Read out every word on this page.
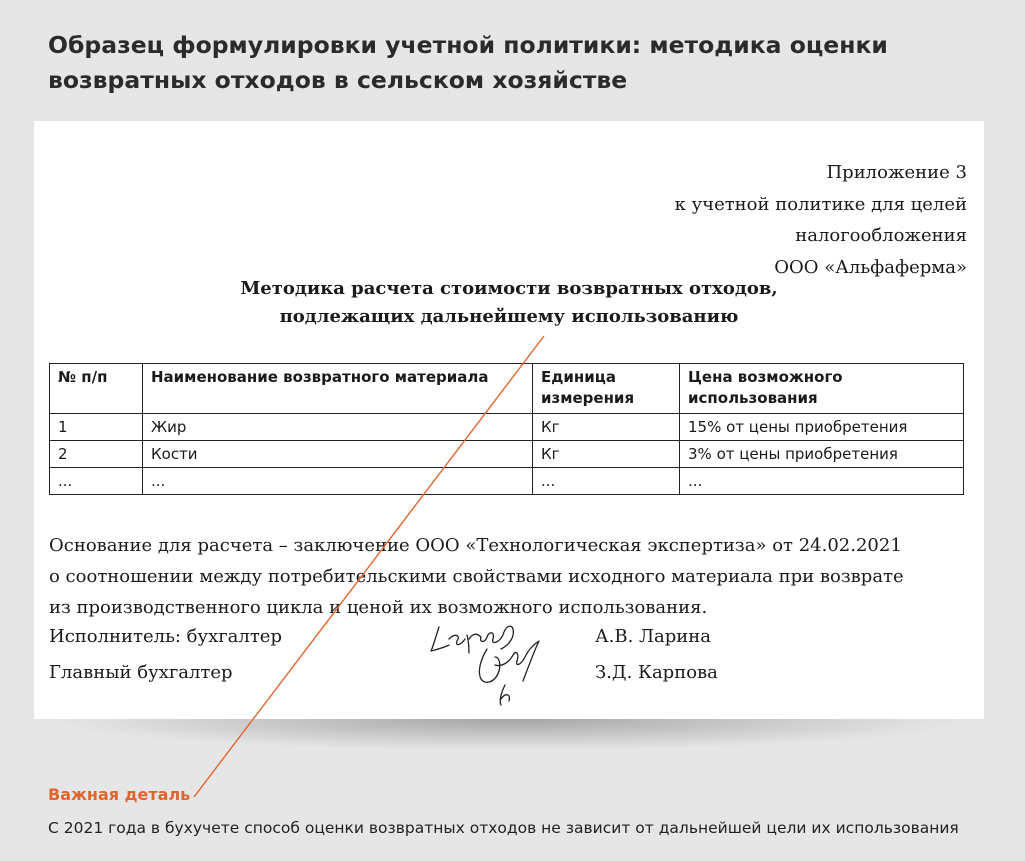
Образец формулировки учетной политики: методика оценки
возвратных отходов в сельском хозяйстве
Приложение 3
к учетной политике для целей
налогообложения
ООО «Альфаферма»
Методика расчета стоимости возвратных отходов,
подлежащих дальнейшему использованию
№ п/п	Наименование возвратного материала	Единица измерения	Цена возможного использования
1	Жир	Кг	15% от цены приобретения
2	Кости	Кг	3% от цены приобретения
...	...	...	...
Основание для расчета – заключение ООО «Технологическая экспертиза» от 24.02.2021
о соотношении между потребительскими свойствами исходного материала при возврате
из производственного цикла и ценой их возможного использования.
Исполнитель: бухгалтер	А.В. Ларина
Главный бухгалтер	З.Д. Карпова

Важная деталь

С 2021 года в бухучете способ оценки возвратных отходов не зависит от дальнейшей цели их использования
